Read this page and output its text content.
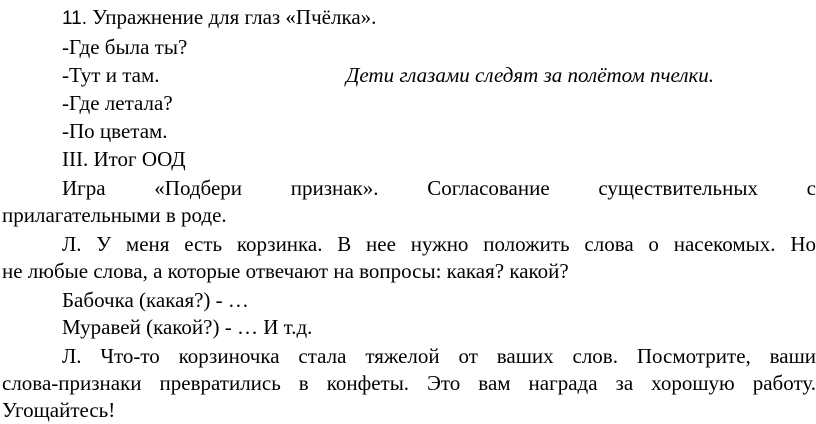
11. Упражнение для глаз «Пчёлка».
-Где была ты?
-Тут и там.	Дети глазами следят за полётом пчелки.
-Где летала?
-По цветам.
III. Итог ООД
Игра «Подбери признак». Согласование существительных с
прилагательными в роде.
Л. У меня есть корзинка. В нее нужно положить слова о насекомых. Но
не любые слова, а которые отвечают на вопросы: какая? какой?
Бабочка (какая?) - …
Муравей (какой?) - … И т.д.
Л. Что-то корзиночка стала тяжелой от ваших слов. Посмотрите, ваши
слова-признаки превратились в конфеты. Это вам награда за хорошую работу.
Угощайтесь!
